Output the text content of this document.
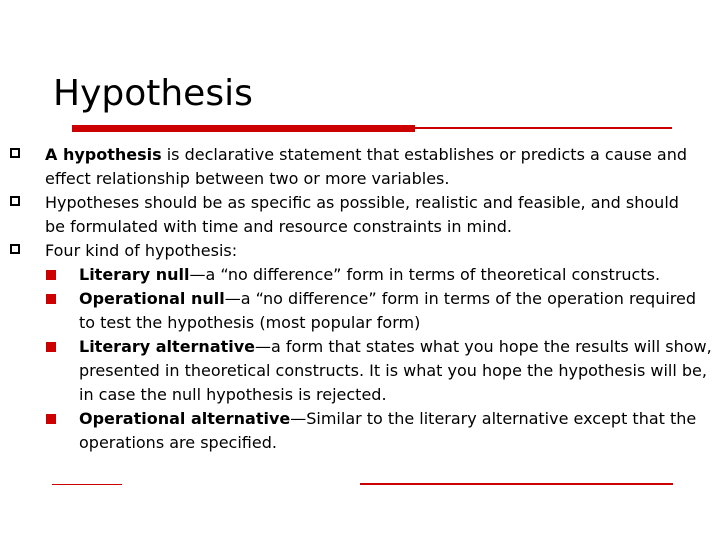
Hypothesis

A hypothesis is declarative statement that establishes or predicts a cause and effect relationship between two or more variables.

Hypotheses should be as specific as possible, realistic and feasible, and should be formulated with time and resource constraints in mind.

Four kind of hypothesis:

Literary null—a “no difference” form in terms of theoretical constructs.

Operational null—a “no difference” form in terms of the operation required to test the hypothesis (most popular form)

Literary alternative—a form that states what you hope the results will show, presented in theoretical constructs. It is what you hope the hypothesis will be, in case the null hypothesis is rejected.

Operational alternative—Similar to the literary alternative except that the operations are specified.
